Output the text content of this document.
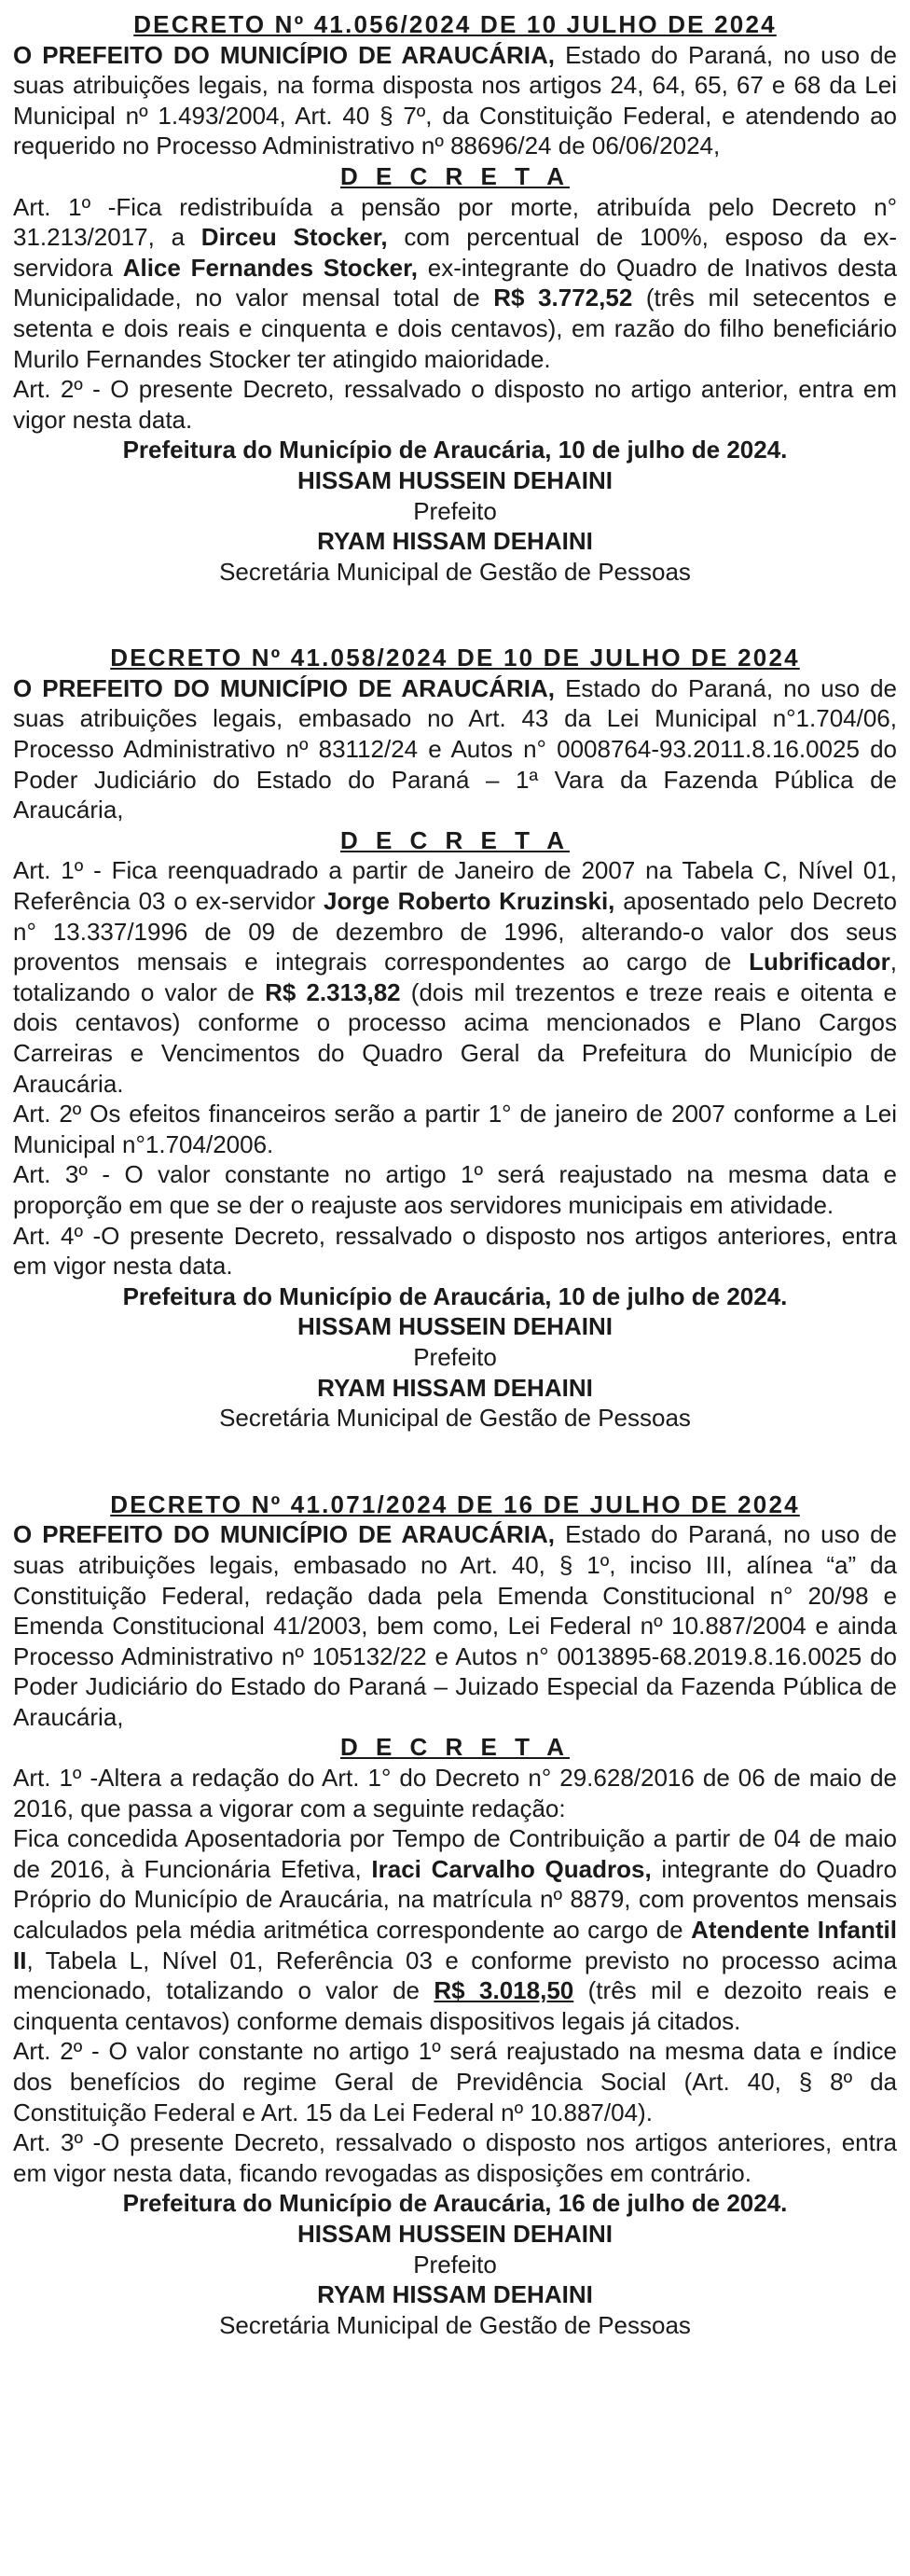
DECRETO Nº 41.056/2024 DE 10 JULHO DE 2024

O PREFEITO DO MUNICÍPIO DE ARAUCÁRIA, Estado do Paraná, no uso de suas atribuições legais, na forma disposta nos artigos 24, 64, 65, 67 e 68 da Lei Municipal nº 1.493/2004, Art. 40 § 7º, da Constituição Federal, e atendendo ao requerido no Processo Administrativo nº 88696/24 de 06/06/2024,

D E C R E T A

Art. 1º -Fica redistribuída a pensão por morte, atribuída pelo Decreto n° 31.213/2017, a Dirceu Stocker, com percentual de 100%, esposo da ex-servidora Alice Fernandes Stocker, ex-integrante do Quadro de Inativos desta Municipalidade, no valor mensal total de R$ 3.772,52 (três mil setecentos e setenta e dois reais e cinquenta e dois centavos), em razão do filho beneficiário Murilo Fernandes Stocker ter atingido maioridade.

Art. 2º - O presente Decreto, ressalvado o disposto no artigo anterior, entra em vigor nesta data.

Prefeitura do Município de Araucária, 10 de julho de 2024.
HISSAM HUSSEIN DEHAINI
Prefeito
RYAM HISSAM DEHAINI
Secretária Municipal de Gestão de Pessoas
DECRETO Nº 41.058/2024 DE 10 DE JULHO DE 2024

O PREFEITO DO MUNICÍPIO DE ARAUCÁRIA, Estado do Paraná, no uso de suas atribuições legais, embasado no Art. 43 da Lei Municipal n°1.704/06, Processo Administrativo nº 83112/24 e Autos n° 0008764-93.2011.8.16.0025 do Poder Judiciário do Estado do Paraná – 1ª Vara da Fazenda Pública de Araucária,

D E C R E T A

Art. 1º - Fica reenquadrado a partir de Janeiro de 2007 na Tabela C, Nível 01, Referência 03 o ex-servidor Jorge Roberto Kruzinski, aposentado pelo Decreto n° 13.337/1996 de 09 de dezembro de 1996, alterando-o valor dos seus proventos mensais e integrais correspondentes ao cargo de Lubrificador, totalizando o valor de R$ 2.313,82 (dois mil trezentos e treze reais e oitenta e dois centavos) conforme o processo acima mencionados e Plano Cargos Carreiras e Vencimentos do Quadro Geral da Prefeitura do Município de Araucária.

Art. 2º Os efeitos financeiros serão a partir 1° de janeiro de 2007 conforme a Lei Municipal n°1.704/2006.

Art. 3º - O valor constante no artigo 1º será reajustado na mesma data e proporção em que se der o reajuste aos servidores municipais em atividade.

Art. 4º -O presente Decreto, ressalvado o disposto nos artigos anteriores, entra em vigor nesta data.

Prefeitura do Município de Araucária, 10 de julho de 2024.
HISSAM HUSSEIN DEHAINI
Prefeito
RYAM HISSAM DEHAINI
Secretária Municipal de Gestão de Pessoas
DECRETO Nº 41.071/2024 DE 16 DE JULHO DE 2024

O PREFEITO DO MUNICÍPIO DE ARAUCÁRIA, Estado do Paraná, no uso de suas atribuições legais, embasado no Art. 40, § 1º, inciso III, alínea “a” da Constituição Federal, redação dada pela Emenda Constitucional n° 20/98 e Emenda Constitucional 41/2003, bem como, Lei Federal nº 10.887/2004 e ainda Processo Administrativo nº 105132/22 e Autos n° 0013895-68.2019.8.16.0025 do Poder Judiciário do Estado do Paraná – Juizado Especial da Fazenda Pública de Araucária,

D E C R E T A

Art. 1º -Altera a redação do Art. 1° do Decreto n° 29.628/2016 de 06 de maio de 2016, que passa a vigorar com a seguinte redação:

Fica concedida Aposentadoria por Tempo de Contribuição a partir de 04 de maio de 2016, à Funcionária Efetiva, Iraci Carvalho Quadros, integrante do Quadro Próprio do Município de Araucária, na matrícula nº 8879, com proventos mensais calculados pela média aritmética correspondente ao cargo de Atendente Infantil II, Tabela L, Nível 01, Referência 03 e conforme previsto no processo acima mencionado, totalizando o valor de R$ 3.018,50 (três mil e dezoito reais e cinquenta centavos) conforme demais dispositivos legais já citados.

Art. 2º - O valor constante no artigo 1º será reajustado na mesma data e índice dos benefícios do regime Geral de Previdência Social (Art. 40, § 8º da Constituição Federal e Art. 15 da Lei Federal nº 10.887/04).

Art. 3º -O presente Decreto, ressalvado o disposto nos artigos anteriores, entra em vigor nesta data, ficando revogadas as disposições em contrário.

Prefeitura do Município de Araucária, 16 de julho de 2024.
HISSAM HUSSEIN DEHAINI
Prefeito
RYAM HISSAM DEHAINI
Secretária Municipal de Gestão de Pessoas
